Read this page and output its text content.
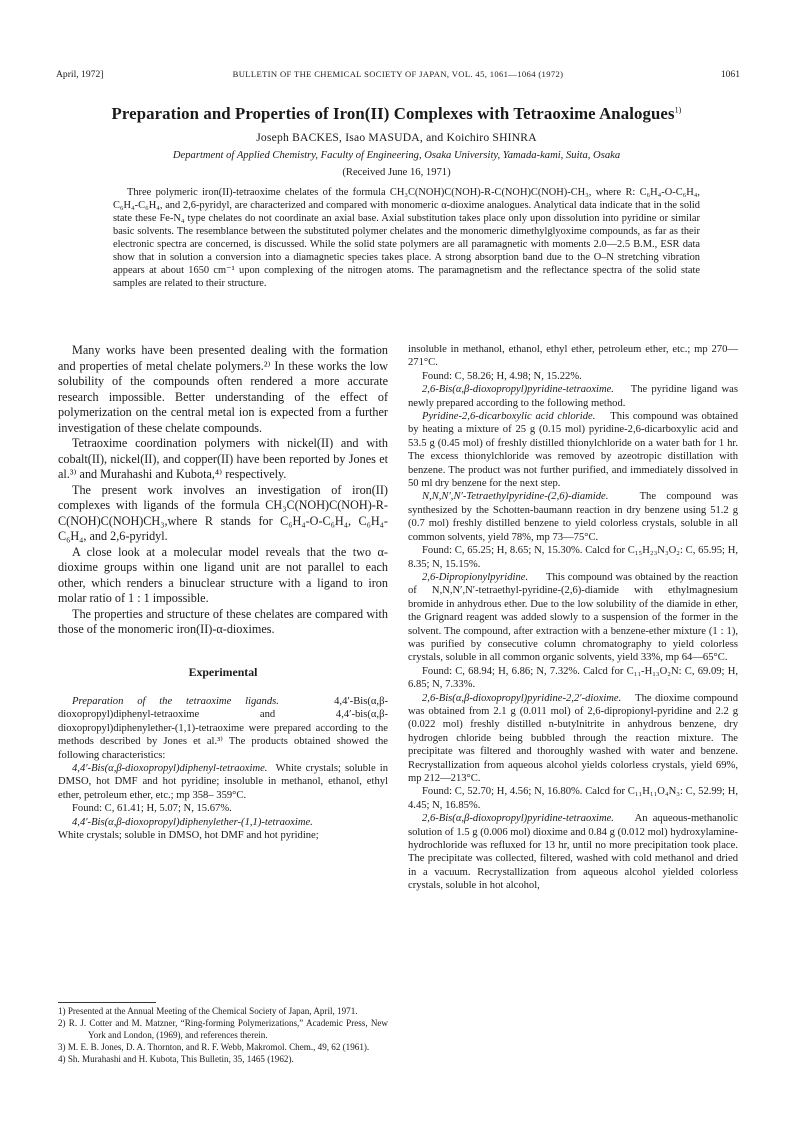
April, 1972]	BULLETIN OF THE CHEMICAL SOCIETY OF JAPAN, VOL. 45, 1061—1064 (1972)	1061
Preparation and Properties of Iron(II) Complexes with Tetraoxime Analogues$^{1)}$
Joseph BACKES, Isao MASUDA, and Koichiro SHINRA
Department of Applied Chemistry, Faculty of Engineering, Osaka University, Yamada-kami, Suita, Osaka
(Received June 16, 1971)
Three polymeric iron(II)-tetraoxime chelates of the formula CH₃C(NOH)C(NOH)-R-C(NOH)C(NOH)-CH₃, where R: C₆H₄-O-C₆H₄, C₆H₄-C₆H₄, and 2,6-pyridyl, are characterized and compared with monomeric α-dioxime analogues. Analytical data indicate that in the solid state these Fe-N₄ type chelates do not coordinate an axial base. Axial substitution takes place only upon dissolution into pyridine or similar basic solvents. The resemblance between the substituted polymer chelates and the monomeric dimethylglyoxime compounds, as far as their electronic spectra are concerned, is discussed. While the solid state polymers are all paramagnetic with moments 2.0—2.5 B.M., ESR data show that in solution a conversion into a diamagnetic species takes place. A strong absorption band due to the O–N stretching vibration appears at about 1650 cm⁻¹ upon complexing of the nitrogen atoms. The paramagnetism and the reflectance spectra of the solid state samples are related to their structure.

Many works have been presented dealing with the formation and properties of metal chelate polymers.²⁾ In these works the low solubility of the compounds often rendered a more accurate research impossible. Better understanding of the effect of polymerization on the central metal ion is expected from a further investigation of these chelate compounds.

Tetraoxime coordination polymers with nickel(II) and with cobalt(II), nickel(II), and copper(II) have been reported by Jones et al.³⁾ and Murahashi and Kubota,⁴⁾ respectively.

The present work involves an investigation of iron(II) complexes with ligands of the formula CH₃C(NOH)C(NOH)-R-C(NOH)C(NOH)CH₃,where R stands for C₆H₄-O-C₆H₄, C₆H₄-C₆H₄, and 2,6-pyridyl.

A close look at a molecular model reveals that the two α-dioxime groups within one ligand unit are not parallel to each other, which renders a binuclear structure with a ligand to iron molar ratio of 1 : 1 impossible.

The properties and structure of these chelates are compared with those of the monomeric iron(II)-α-dioximes.

Experimental

Preparation of the tetraoxime ligands.	4,4′-Bis(α,β-dioxopropyl)diphenyl-tetraoxime and 4,4′-bis(α,β-dioxopropyl)diphenylether-(1,1)-tetraoxime were prepared according to the methods described by Jones et al.³⁾ The products obtained showed the following characteristics:

4,4′-Bis(α,β-dioxopropyl)diphenyl-tetraoxime. White crystals; soluble in DMSO, hot DMF and hot pyridine; insoluble in methanol, ethanol, ethyl ether, petroleum ether, etc.; mp 358– 359°C.

Found: C, 61.41; H, 5.07; N, 15.67%.

4,4′-Bis(α,β-dioxopropyl)diphenylether-(1,1)-tetraoxime.

White crystals; soluble in DMSO, hot DMF and hot pyridine;

insoluble in methanol, ethanol, ethyl ether, petroleum ether, etc.; mp 270—271°C.

Found: C, 58.26; H, 4.98; N, 15.22%.

2,6-Bis(α,β-dioxopropyl)pyridine-tetraoxime. The pyridine ligand was newly prepared according to the following method.

Pyridine-2,6-dicarboxylic acid chloride. This compound was obtained by heating a mixture of 25 g (0.15 mol) pyridine-2,6-dicarboxylic acid and 53.5 g (0.45 mol) of freshly distilled thionylchloride on a water bath for 1 hr. The excess thionylchloride was removed by azeotropic distillation with benzene. The product was not further purified, and immediately dissolved in 50 ml dry benzene for the next step.

N,N,N′,N′-Tetraethylpyridine-(2,6)-diamide.	The compound was synthesized by the Schotten-baumann reaction in dry benzene using 51.2 g (0.7 mol) freshly distilled benzene to yield colorless crystals, soluble in all common solvents, yield 78%, mp 73—75°C.

Found: C, 65.25; H, 8.65; N, 15.30%. Calcd for C₁₅H₂₃N₃O₂: C, 65.95; H, 8.35; N, 15.15%.

2,6-Dipropionylpyridine. This compound was obtained by the reaction of N,N,N′,N′-tetraethyl-pyridine-(2,6)-diamide with ethylmagnesium bromide in anhydrous ether. Due to the low solubility of the diamide in ether, the Grignard reagent was added slowly to a suspension of the former in the solvent. The compound, after extraction with a benzene-ether mixture (1 : 1), was purified by consecutive column chromatography to yield colorless crystals, soluble in all common organic solvents, yield 33%, mp 64—65°C.

Found: C, 68.94; H, 6.86; N, 7.32%. Calcd for C₁₁-H₁₃O₂N: C, 69.09; H, 6.85; N, 7.33%.

2,6-Bis(α,β-dioxopropyl)pyridine-2,2′-dioxime. The dioxime compound was obtained from 2.1 g (0.011 mol) of 2,6-dipropionyl-pyridine and 2.2 g (0.022 mol) freshly distilled n-butylnitrite in anhydrous benzene, dry hydrogen chloride being bubbled through the reaction mixture. The precipitate was filtered and thoroughly washed with water and benzene. Recrystallization from aqueous alcohol yields colorless crystals, yield 69%, mp 212—213°C.

Found: C, 52.70; H, 4.56; N, 16.80%. Calcd for C₁₁H₁₁O₄N₃: C, 52.99; H, 4.45; N, 16.85%.

2,6-Bis(α,β-dioxopropyl)pyridine-tetraoxime. An aqueous-methanolic solution of 1.5 g (0.006 mol) dioxime and 0.84 g (0.012 mol) hydroxylamine-hydrochloride was refluxed for 13 hr, until no more precipitation took place. The precipitate was collected, filtered, washed with cold methanol and dried in a vacuum. Recrystallization from aqueous alcohol yielded colorless crystals, soluble in hot alcohol,

1) Presented at the Annual Meeting of the Chemical Society of Japan, April, 1971.

2) R. J. Cotter and M. Matzner, “Ring-forming Polymerizations,” Academic Press, New York and London, (1969), and references therein.

3) M. E. B. Jones, D. A. Thornton, and R. F. Webb, Makromol. Chem., 49, 62 (1961).

4) Sh. Murahashi and H. Kubota, This Bulletin, 35, 1465 (1962).
